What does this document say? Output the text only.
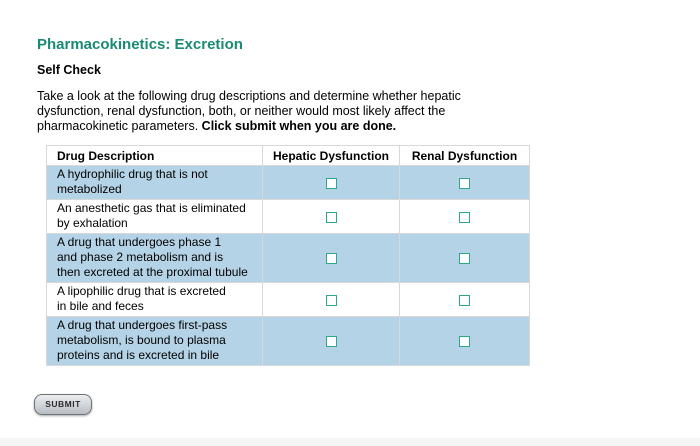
Pharmacokinetics: Excretion
Self Check
Take a look at the following drug descriptions and determine whether hepatic dysfunction, renal dysfunction, both, or neither would most likely affect the pharmacokinetic parameters. Click submit when you are done.
Drug Description	Hepatic Dysfunction	Renal Dysfunction

A hydrophilic drug that is not
metabolized		

An anesthetic gas that is eliminated
by exhalation		

A drug that undergoes phase 1
and phase 2 metabolism and is
then excreted at the proximal tubule		

A lipophilic drug that is excreted
in bile and feces		

A drug that undergoes first-pass
metabolism, is bound to plasma
proteins and is excreted in bile		

SUBMIT
